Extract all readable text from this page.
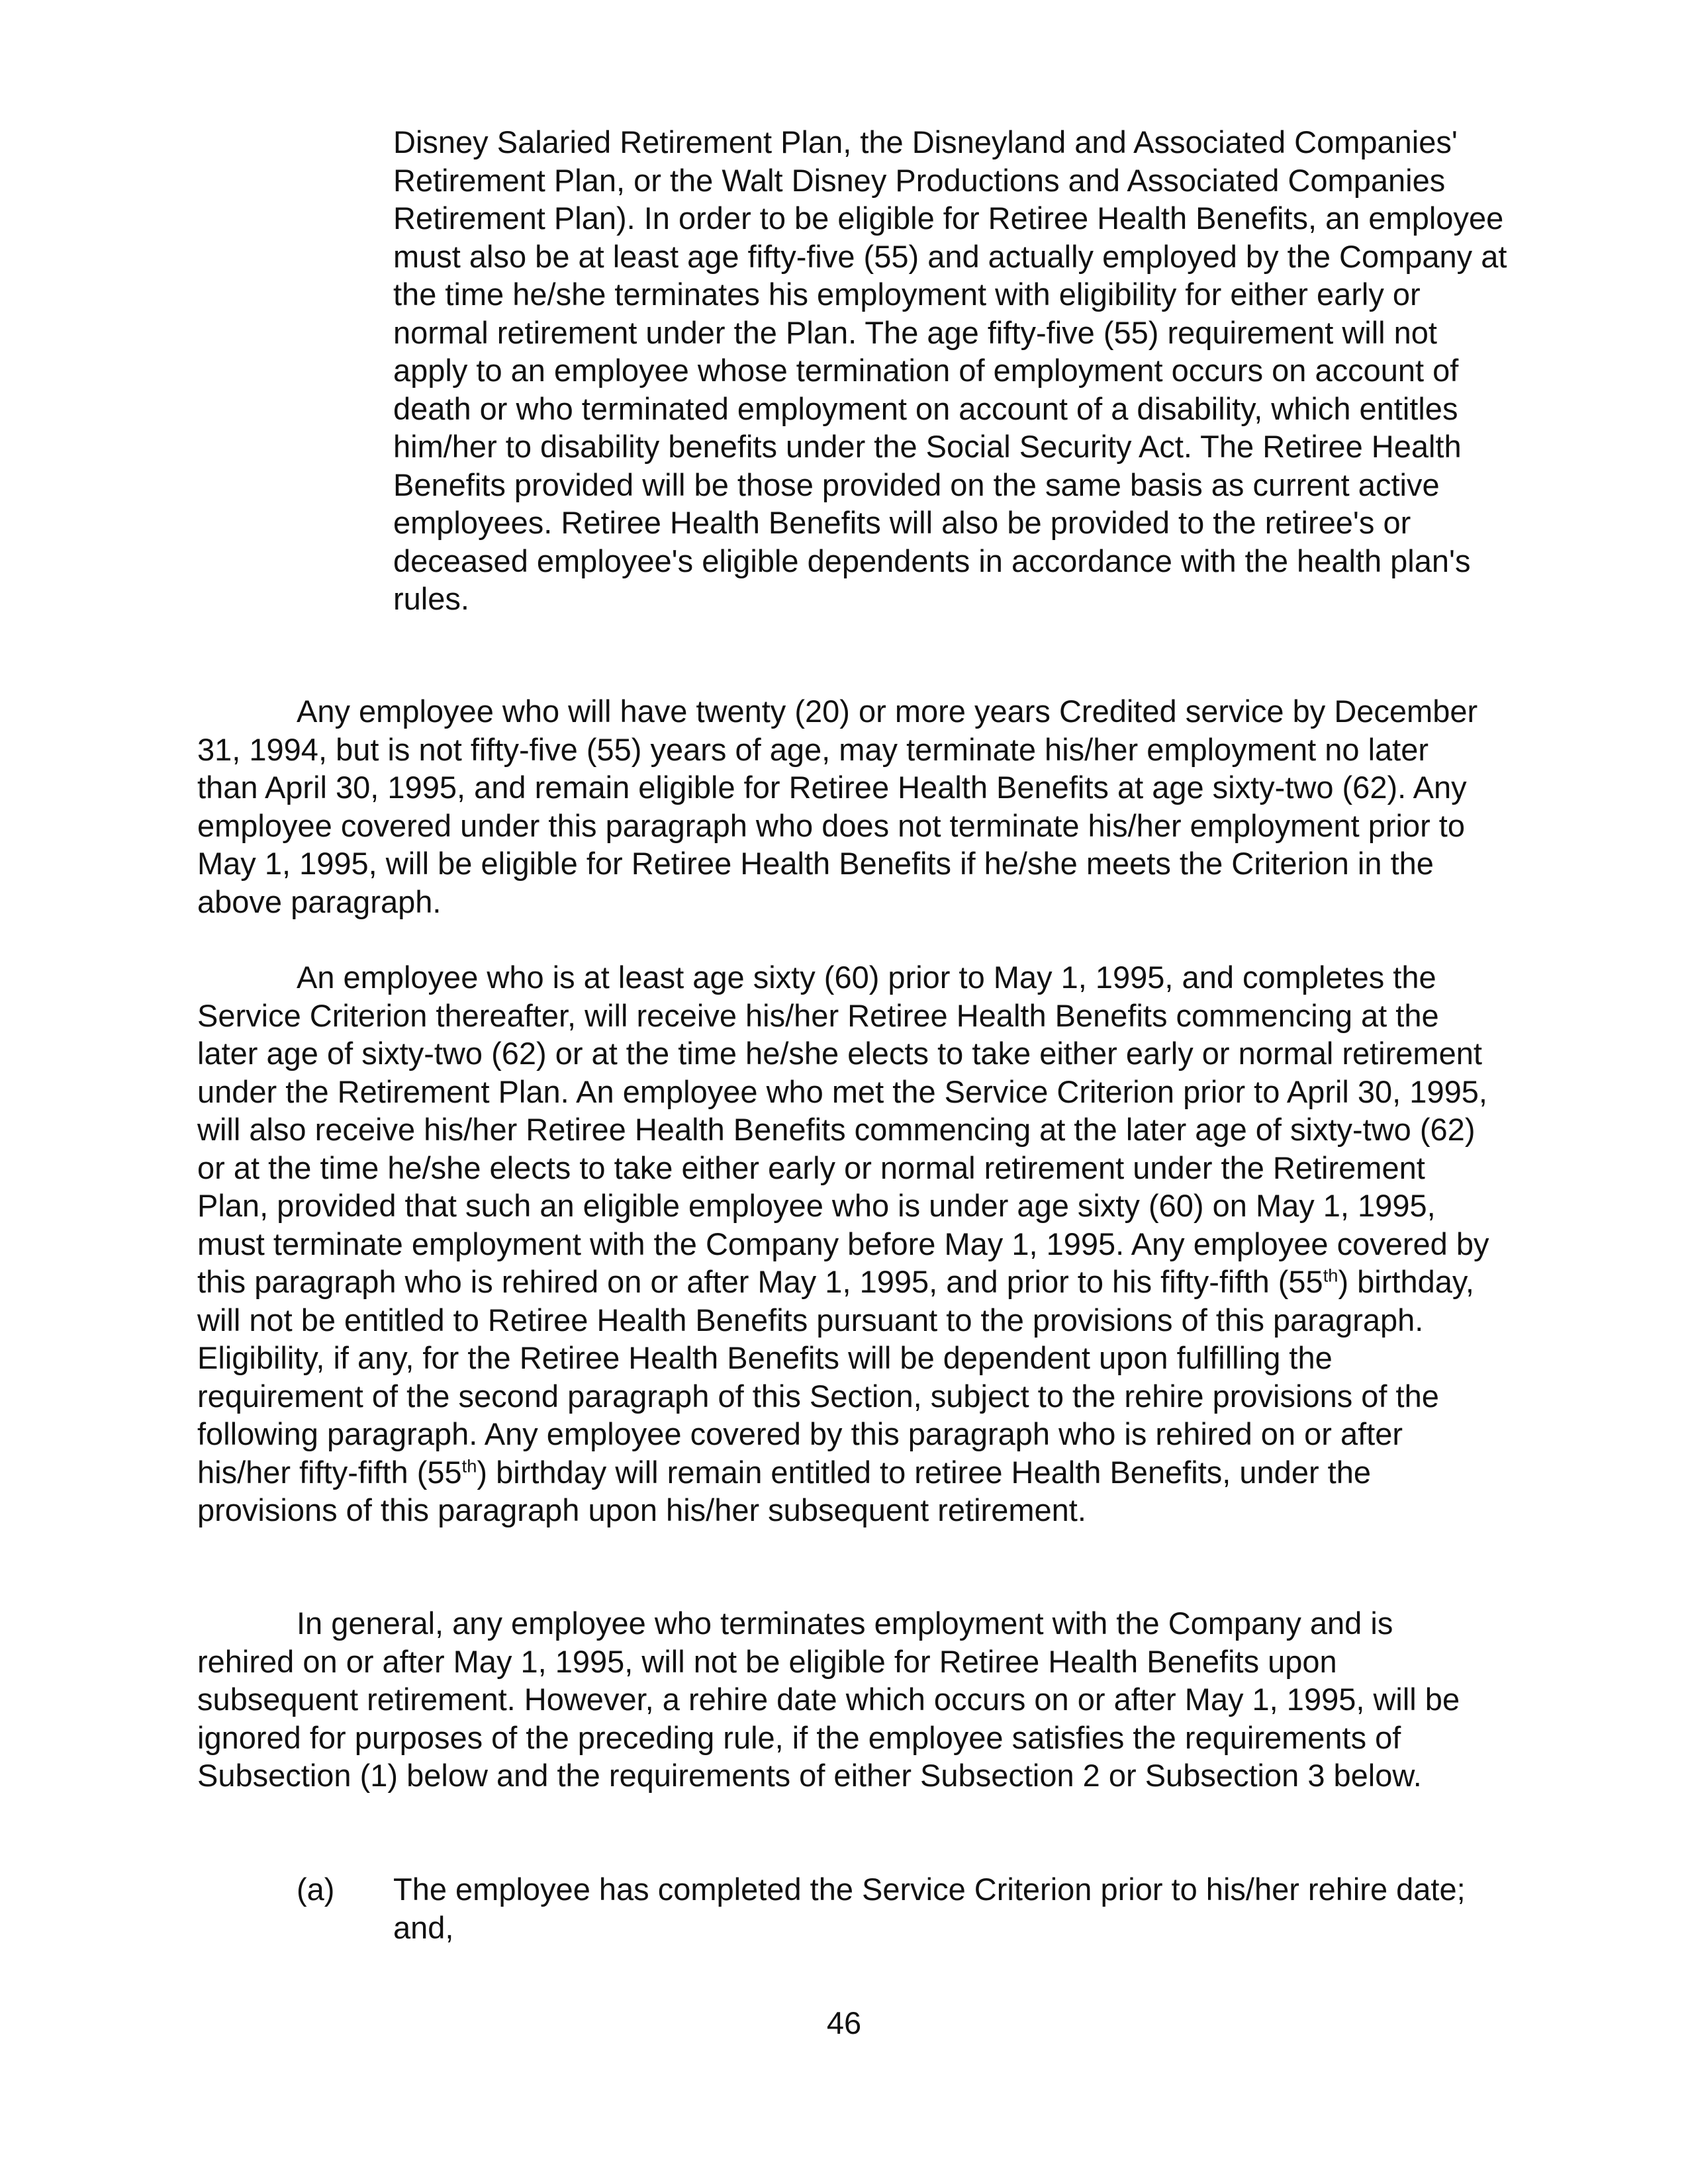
Disney Salaried Retirement Plan, the Disneyland and Associated Companies' Retirement Plan, or the Walt Disney Productions and Associated Companies Retirement Plan). In order to be eligible for Retiree Health Benefits, an employee must also be at least age fifty-five (55) and actually employed by the Company at the time he/she terminates his employment with eligibility for either early or normal retirement under the Plan. The age fifty-five (55) requirement will not apply to an employee whose termination of employment occurs on account of death or who terminated employment on account of a disability, which entitles him/her to disability benefits under the Social Security Act. The Retiree Health Benefits provided will be those provided on the same basis as current active employees. Retiree Health Benefits will also be provided to the retiree's or deceased employee's eligible dependents in accordance with the health plan's rules.

Any employee who will have twenty (20) or more years Credited service by December 31, 1994, but is not fifty-five (55) years of age, may terminate his/her employment no later than April 30, 1995, and remain eligible for Retiree Health Benefits at age sixty-two (62). Any employee covered under this paragraph who does not terminate his/her employment prior to May 1, 1995, will be eligible for Retiree Health Benefits if he/she meets the Criterion in the above paragraph.

An employee who is at least age sixty (60) prior to May 1, 1995, and completes the Service Criterion thereafter, will receive his/her Retiree Health Benefits commencing at the later age of sixty-two (62) or at the time he/she elects to take either early or normal retirement under the Retirement Plan. An employee who met the Service Criterion prior to April 30, 1995, will also receive his/her Retiree Health Benefits commencing at the later age of sixty-two (62) or at the time he/she elects to take either early or normal retirement under the Retirement Plan, provided that such an eligible employee who is under age sixty (60) on May 1, 1995, must terminate employment with the Company before May 1, 1995. Any employee covered by this paragraph who is rehired on or after May 1, 1995, and prior to his fifty-fifth (55th) birthday, will not be entitled to Retiree Health Benefits pursuant to the provisions of this paragraph. Eligibility, if any, for the Retiree Health Benefits will be dependent upon fulfilling the requirement of the second paragraph of this Section, subject to the rehire provisions of the following paragraph. Any employee covered by this paragraph who is rehired on or after his/her fifty-fifth (55th) birthday will remain entitled to retiree Health Benefits, under the provisions of this paragraph upon his/her subsequent retirement.

In general, any employee who terminates employment with the Company and is rehired on or after May 1, 1995, will not be eligible for Retiree Health Benefits upon subsequent retirement. However, a rehire date which occurs on or after May 1, 1995, will be ignored for purposes of the preceding rule, if the employee satisfies the requirements of Subsection (1) below and the requirements of either Subsection 2 or Subsection 3 below.

(a) The employee has completed the Service Criterion prior to his/her rehire date; and,
46
